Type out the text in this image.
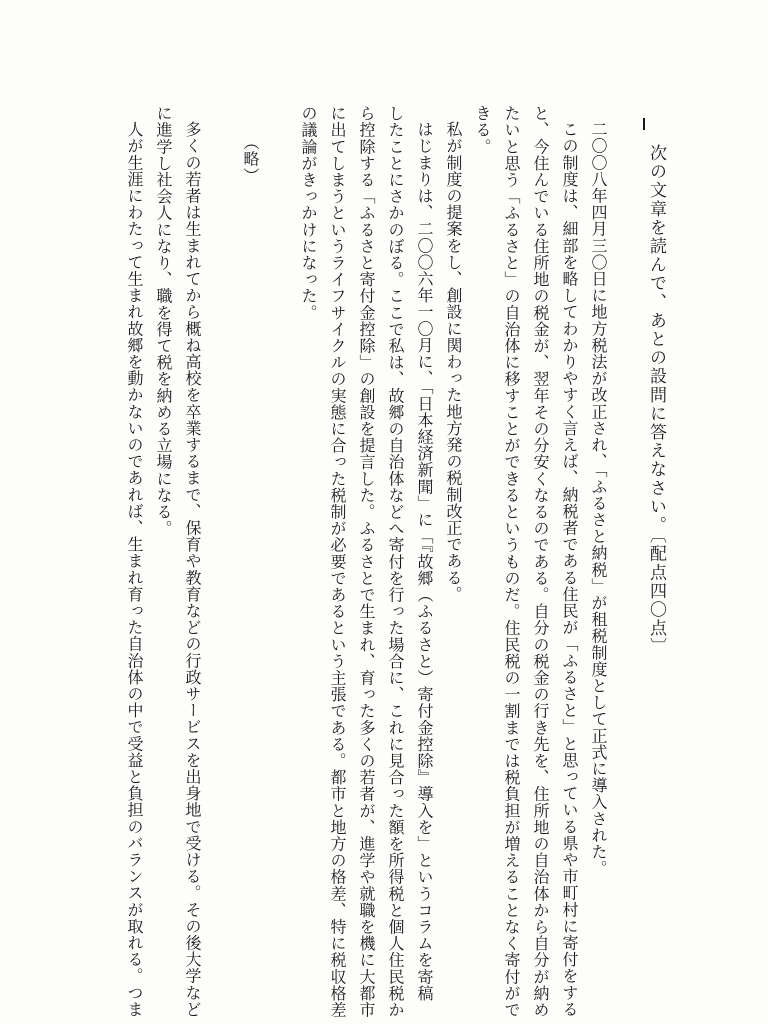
次の文章を読んで、あとの設問に答えなさい。〔配点四〇点〕
二〇〇八年四月三〇日に地方税法が改正され、「ふるさと納税」が租税制度として正式に導入された。
この制度は、細部を略してわかりやすく言えば、納税者である住民が「ふるさと」と思っている県や市町村に寄付をする
と、今住んでいる住所地の税金が、翌年その分安くなるのである。自分の税金の行き先を、住所地の自治体から自分が納め
たいと思う「ふるさと」の自治体に移すことができるというものだ。住民税の一割までは税負担が増えることなく寄付がで
きる。
私が制度の提案をし、創設に関わった地方発の税制改正である。
はじまりは、二〇〇六年一〇月に、「日本経済新聞」に「『故郷（ふるさと）寄付金控除』導入を」というコラムを寄稿
したことにさかのぼる。ここで私は、故郷の自治体などへ寄付を行った場合に、これに見合った額を所得税と個人住民税か
ら控除する「ふるさと寄付金控除」の創設を提言した。ふるさとで生まれ、育った多くの若者が、進学や就職を機に大都市
に出てしまうというライフサイクルの実態に合った税制が必要であるという主張である。都市と地方の格差、特に税収格差
の議論がきっかけになった。
（略）
多くの若者は生まれてから概ね高校を卒業するまで、保育や教育などの行政サービスを出身地で受ける。その後大学など
に進学し社会人になり、職を得て税を納める立場になる。
人が生涯にわたって生まれ故郷を動かないのであれば、生まれ育った自治体の中で受益と負担のバランスが取れる。つま
